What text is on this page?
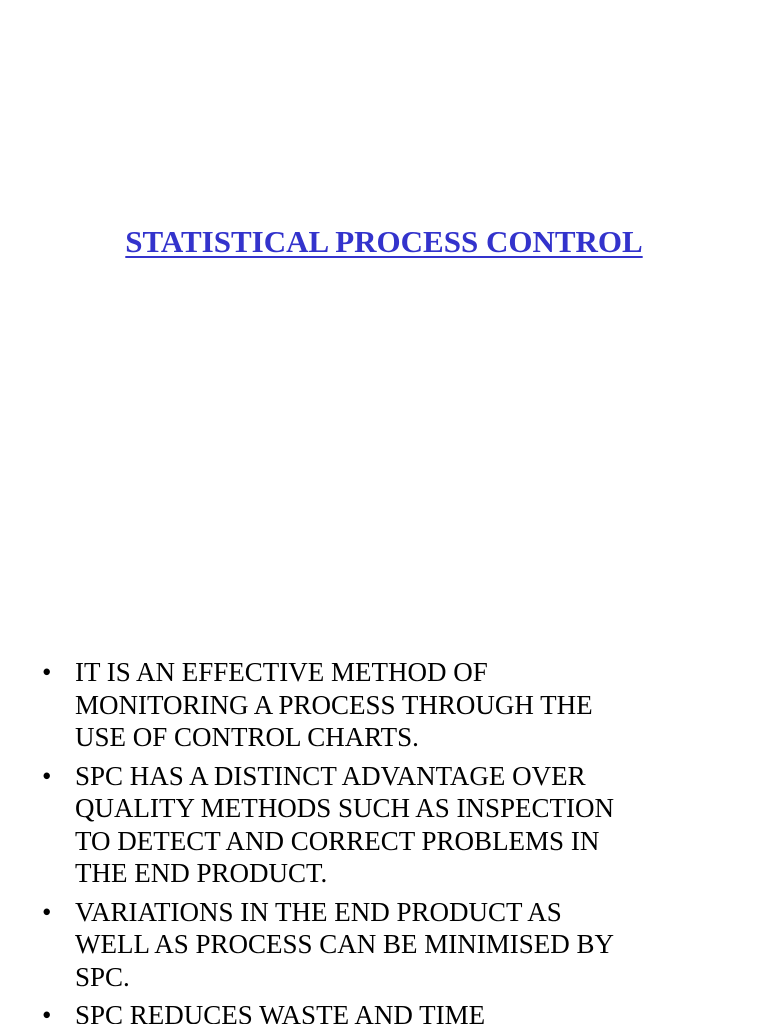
STATISTICAL PROCESS CONTROL
• IT IS AN EFFECTIVE METHOD OF
MONITORING A PROCESS THROUGH THE
USE OF CONTROL CHARTS.
• SPC HAS A DISTINCT ADVANTAGE OVER
QUALITY METHODS SUCH AS INSPECTION
TO DETECT AND CORRECT PROBLEMS IN
THE END PRODUCT.
• VARIATIONS IN THE END PRODUCT AS
WELL AS PROCESS CAN BE MINIMISED BY
SPC.
• SPC REDUCES WASTE AND TIME
